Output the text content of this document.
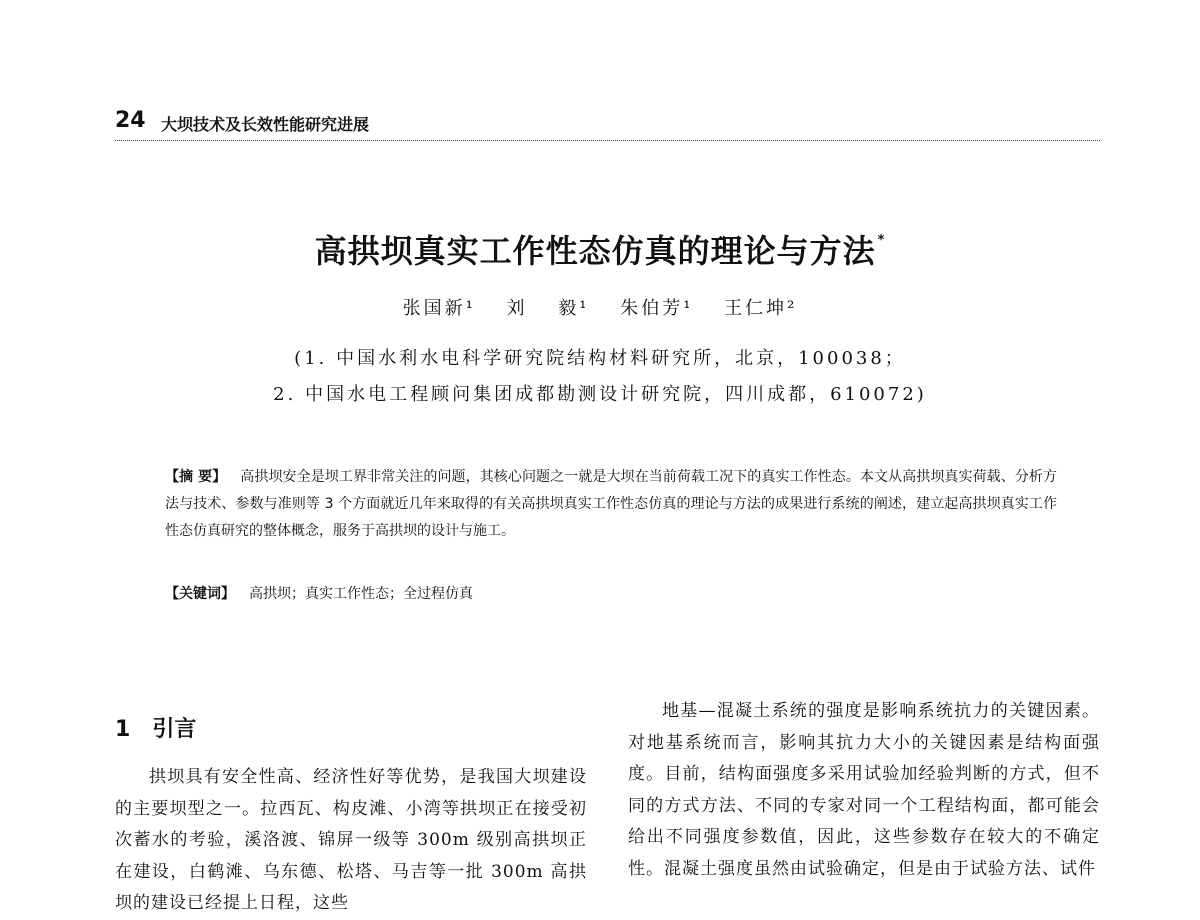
24 大坝技术及长效性能研究进展
高拱坝真实工作性态仿真的理论与方法 *
张国新¹ 刘 毅¹ 朱伯芳¹ 王仁坤²
(1. 中国水利水电科学研究院结构材料研究所，北京，100038；
2. 中国水电工程顾问集团成都勘测设计研究院，四川成都，610072)
【摘 要】 高拱坝安全是坝工界非常关注的问题，其核心问题之一就是大坝在当前荷载工况下的真实工作性态。本文从高拱坝真实荷载、分析方法与技术、参数与准则等 3 个方面就近几年来取得的有关高拱坝真实工作性态仿真的理论与方法的成果进行系统的阐述，建立起高拱坝真实工作性态仿真研究的整体概念，服务于高拱坝的设计与施工。
【关键词】 高拱坝；真实工作性态；全过程仿真
1 引言

拱坝具有安全性高、经济性好等优势，是我国大坝建设的主要坝型之一。拉西瓦、构皮滩、小湾等拱坝正在接受初次蓄水的考验，溪洛渡、锦屏一级等 300m 级别高拱坝正在建设，白鹤滩、乌东德、松塔、马吉等一批 300m 高拱坝的建设已经提上日程，这些

地基—混凝土系统的强度是影响系统抗力的关键因素。对地基系统而言，影响其抗力大小的关键因素是结构面强度。目前，结构面强度多采用试验加经验判断的方式，但不同的方式方法、不同的专家对同一个工程结构面，都可能会给出不同强度参数值，因此，这些参数存在较大的不确定性。混凝土强度虽然由试验确定，但是由于试验方法、试件
